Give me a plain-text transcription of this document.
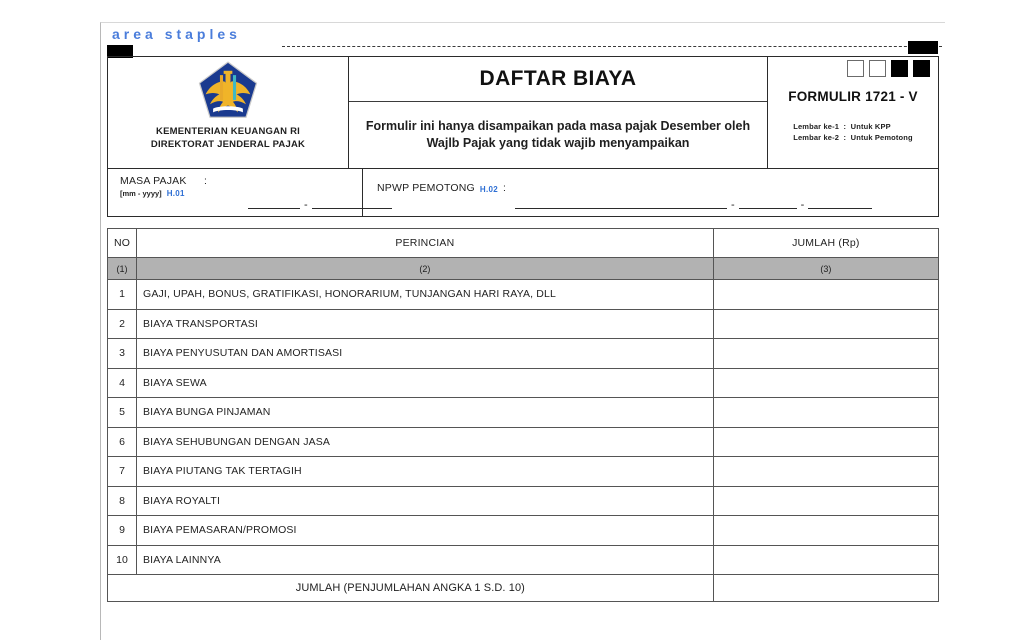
area staples
KEMENTERIAN KEUANGAN RI
DIREKTORAT JENDERAL PAJAK
DAFTAR BIAYA
Formulir ini hanya disampaikan pada masa pajak Desember oleh Wajlb Pajak yang tidak wajib menyampaikan
FORMULIR 1721 - V
Lembar ke-1  :  Untuk KPP
Lembar ke-2  :  Untuk Pemotong
MASA PAJAK	:
[mm - yyyy] H.01
-
NPWP PEMOTONG H.02 :
-	-
NO	PERINCIAN	JUMLAH (Rp)
(1)	(2)	(3)
1	GAJI, UPAH, BONUS, GRATIFIKASI, HONORARIUM, TUNJANGAN HARI RAYA, DLL	
2	BIAYA TRANSPORTASI	
3	BIAYA PENYUSUTAN DAN AMORTISASI	
4	BIAYA SEWA	
5	BIAYA BUNGA PINJAMAN	
6	BIAYA SEHUBUNGAN DENGAN JASA	
7	BIAYA PIUTANG TAK TERTAGIH	
8	BIAYA ROYALTI	
9	BIAYA PEMASARAN/PROMOSI	
10	BIAYA LAINNYA	
JUMLAH (PENJUMLAHAN ANGKA 1 S.D. 10)		
